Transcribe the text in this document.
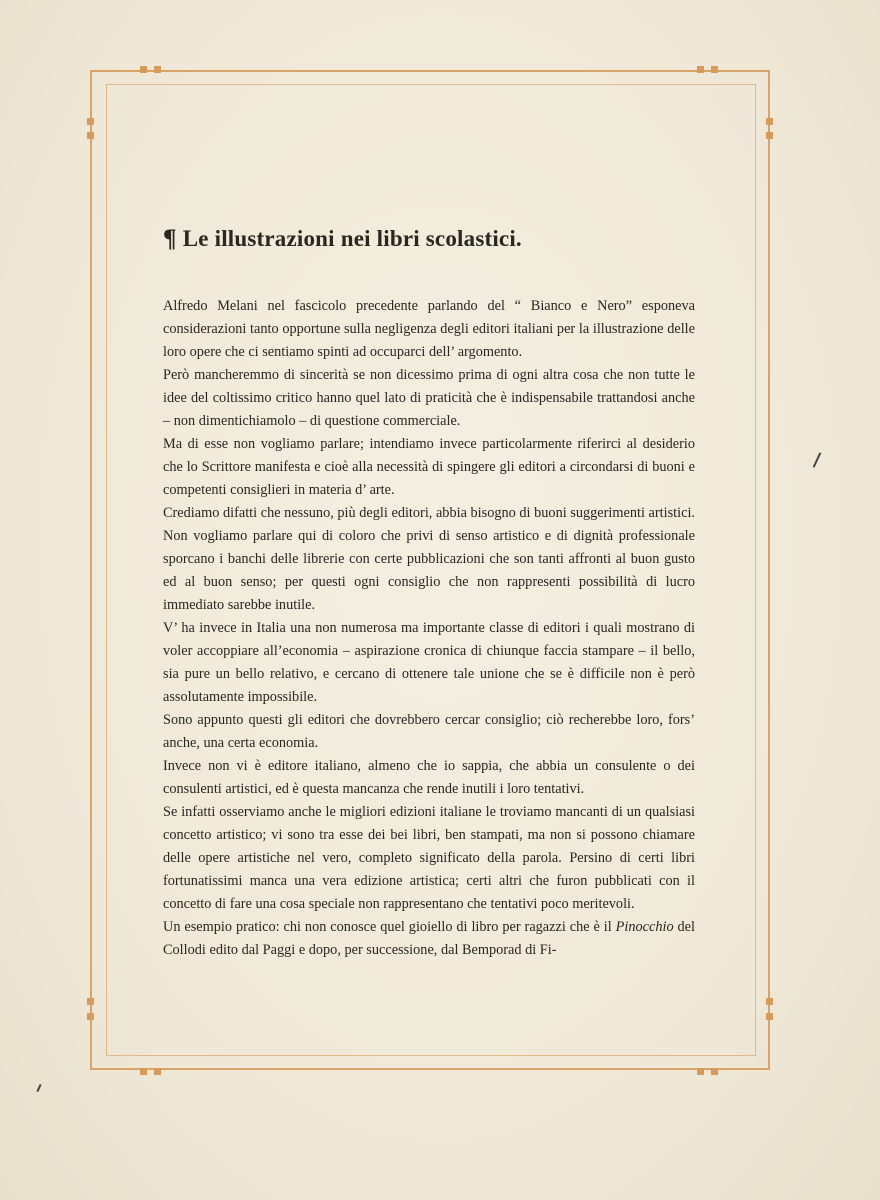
¶ Le illustrazioni nei libri scolastici.

Alfredo Melani nel fascicolo precedente parlando del “ Bianco e Nero” esponeva considerazioni tanto opportune sulla negligenza degli editori italiani per la illustrazione delle loro opere che ci sentiamo spinti ad occuparci dell’ argomento.

Però mancheremmo di sincerità se non dicessimo prima di ogni altra cosa che non tutte le idee del coltissimo critico hanno quel lato di praticità che è indispensabile trattandosi anche – non dimentichiamolo – di questione commerciale.

Ma di esse non vogliamo parlare; intendiamo invece particolarmente riferirci al desiderio che lo Scrittore manifesta e cioè alla necessità di spingere gli editori a circondarsi di buoni e competenti consiglieri in materia d’ arte.

Crediamo difatti che nessuno, più degli editori, abbia bisogno di buoni suggerimenti artistici. Non vogliamo parlare qui di coloro che privi di senso artistico e di dignità professionale sporcano i banchi delle librerie con certe pubblicazioni che son tanti affronti al buon gusto ed al buon senso; per questi ogni consiglio che non rappresenti possibilità di lucro immediato sarebbe inutile.

V’ ha invece in Italia una non numerosa ma importante classe di editori i quali mostrano di voler accoppiare all’economia – aspirazione cronica di chiunque faccia stampare – il bello, sia pure un bello relativo, e cercano di ottenere tale unione che se è difficile non è però assolutamente impossibile.

Sono appunto questi gli editori che dovrebbero cercar consiglio; ciò recherebbe loro, fors’ anche, una certa economia.

Invece non vi è editore italiano, almeno che io sappia, che abbia un consulente o dei consulenti artistici, ed è questa mancanza che rende inutili i loro tentativi.

Se infatti osserviamo anche le migliori edizioni italiane le troviamo mancanti di un qualsiasi concetto artistico; vi sono tra esse dei bei libri, ben stampati, ma non si possono chiamare delle opere artistiche nel vero, completo significato della parola. Persino di certi libri fortunatissimi manca una vera edizione artistica; certi altri che furon pubblicati con il concetto di fare una cosa speciale non rappresentano che tentativi poco meritevoli.

Un esempio pratico: chi non conosce quel gioiello di libro per ragazzi che è il Pinocchio del Collodi edito dal Paggi e dopo, per successione, dal Bemporad di Fi-
